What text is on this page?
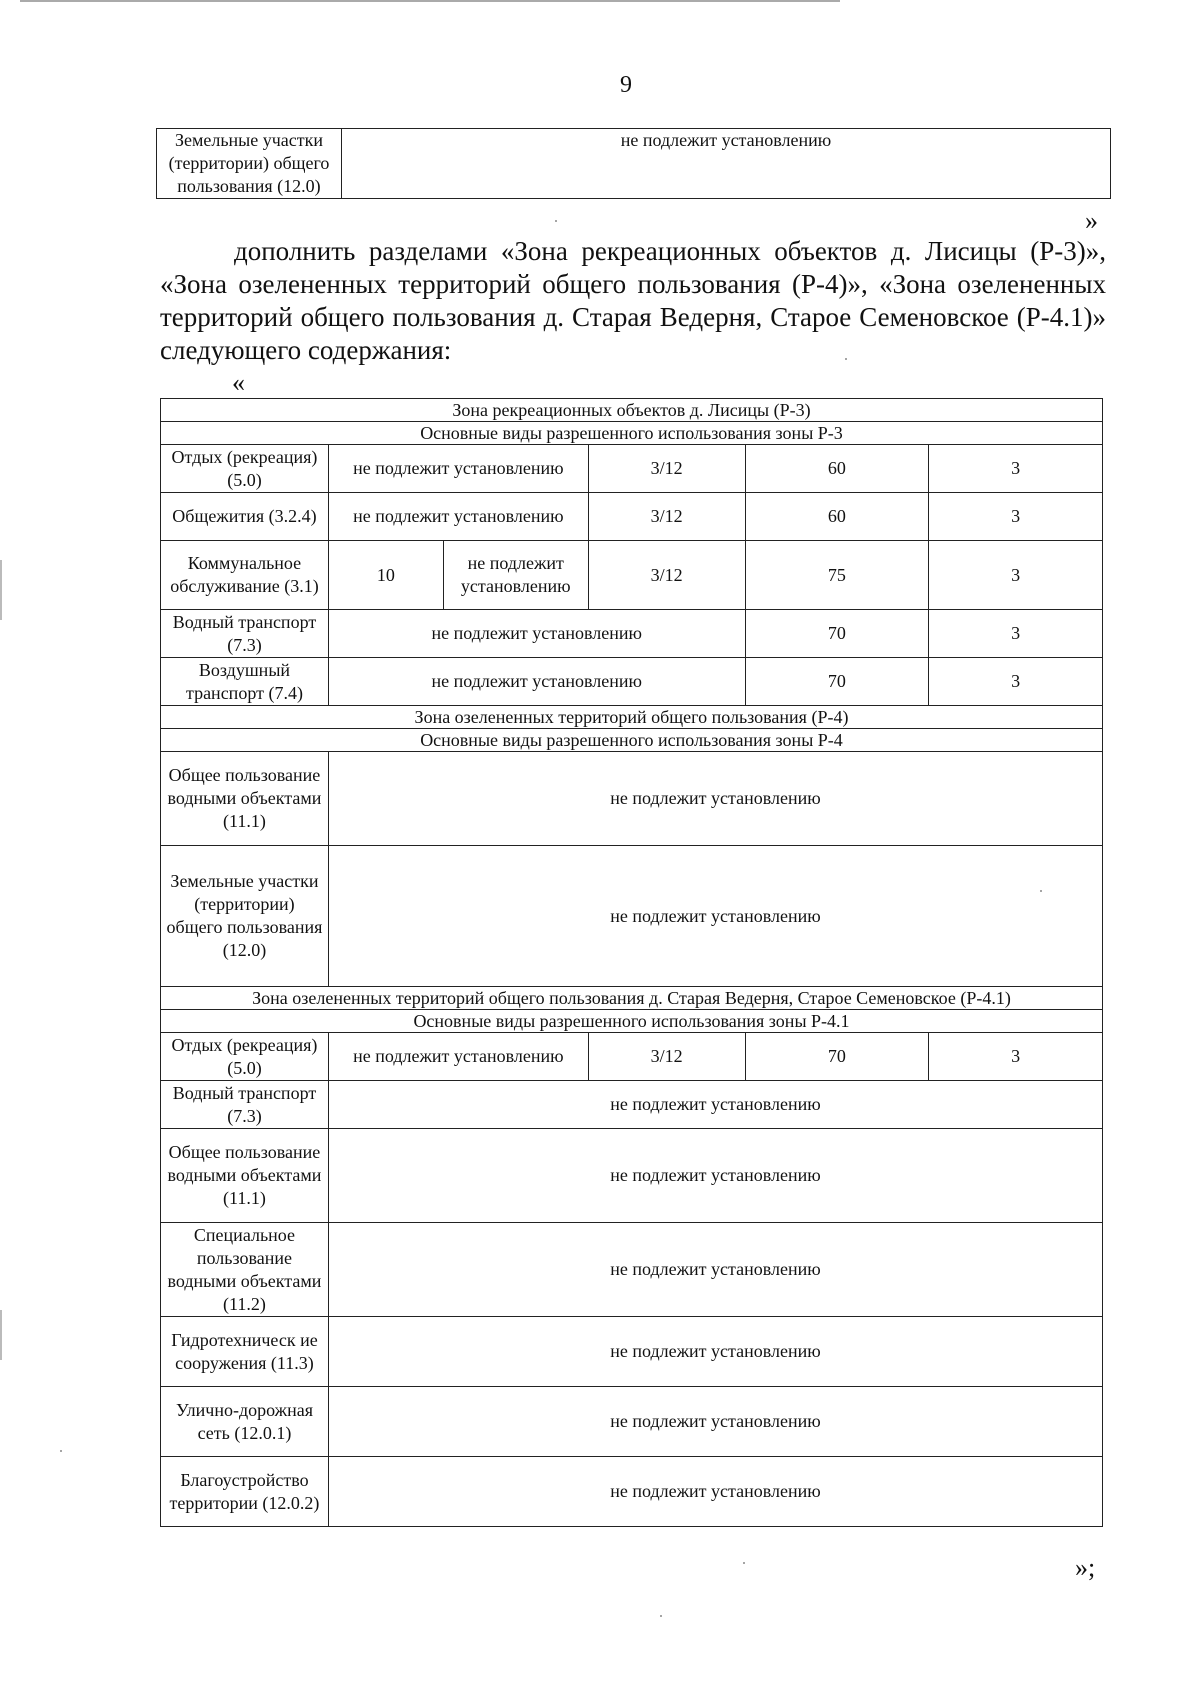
9
Земельные участки (территории) общего пользования (12.0)	не подлежит установлению
»
дополнить разделами «Зона рекреационных объектов д. Лисицы (Р-3)», «Зона озелененных территорий общего пользования (Р-4)», «Зона озелененных территорий общего пользования д. Старая Ведерня, Старое Семеновское (Р-4.1)» следующего содержания:
«
Зона рекреационных объектов д. Лисицы (Р-3)					
Основные виды разрешенного использования зоны Р-3					
Отдых (рекреация) (5.0)	не подлежит установлению		3/12	60	3
Общежития (3.2.4)	не подлежит установлению		3/12	60	3
Коммунальное обслуживание (3.1)	10	не подлежит установлению	3/12	75	3
Водный транспорт (7.3)	не подлежит установлению			70	3
Воздушный транспорт (7.4)	не подлежит установлению			70	3
Зона озелененных территорий общего пользования (Р-4)					
Основные виды разрешенного использования зоны Р-4					
Общее пользование водными объектами (11.1)	не подлежит установлению				
Земельные участки (территории) общего пользования (12.0)	не подлежит установлению				
Зона озелененных территорий общего пользования д. Старая Ведерня, Старое Семеновское (Р-4.1)					
Основные виды разрешенного использования зоны Р-4.1					
Отдых (рекреация) (5.0)	не подлежит установлению		3/12	70	3
Водный транспорт (7.3)	не подлежит установлению				
Общее пользование водными объектами (11.1)	не подлежит установлению				
Специальное пользование водными объектами (11.2)	не подлежит установлению				
Гидротехническ ие сооружения (11.3)	не подлежит установлению				
Улично-дорожная сеть (12.0.1)	не подлежит установлению				
Благоустройство территории (12.0.2)	не подлежит установлению				
»;
